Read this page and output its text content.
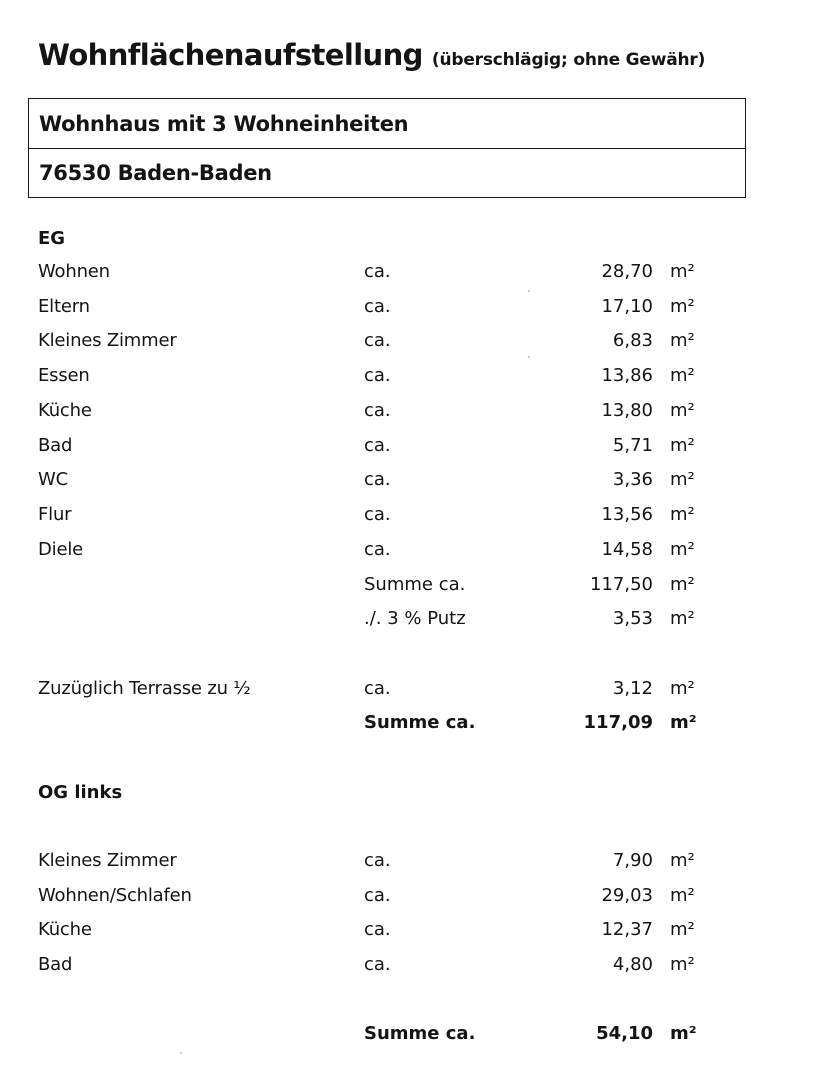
Wohnflächenaufstellung (überschlägig; ohne Gewähr)
Wohnhaus mit 3 Wohneinheiten
76530 Baden-Baden
EG
Wohnen	ca.	28,70 m²
Eltern	ca.	17,10 m²
Kleines Zimmer	ca.	6,83 m²
Essen	ca.	13,86 m²
Küche	ca.	13,80 m²
Bad	ca.	5,71 m²
WC	ca.	3,36 m²
Flur	ca.	13,56 m²
Diele	ca.	14,58 m²
Summe ca.	117,50 m²
./. 3 % Putz	3,53 m²
Zuzüglich Terrasse zu ½	ca.	3,12 m²
Summe ca.	117,09 m²
OG links
Kleines Zimmer	ca.	7,90 m²
Wohnen/Schlafen	ca.	29,03 m²
Küche	ca.	12,37 m²
Bad	ca.	4,80 m²
Summe ca.	54,10 m²
